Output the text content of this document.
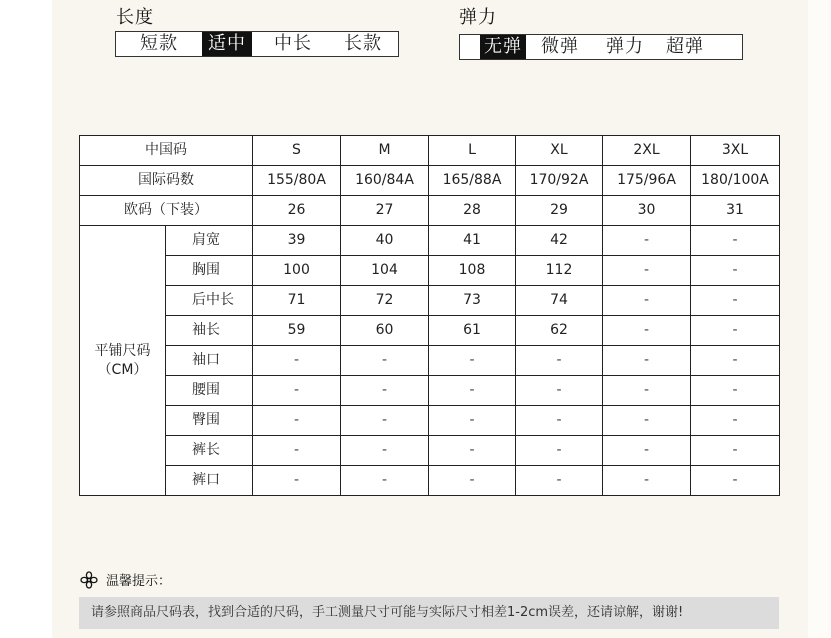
长度
短款	适中	中长	长款
弹力
无弹	微弹	弹力	超弹
中国码		S	M	L	XL	2XL	3XL
国际码数		155/80A	160/84A	165/88A	170/92A	175/96A	180/100A
欧码（下装）		26	27	28	29	30	31
平铺尺码
（CM）	肩宽	39	40	41	42	-	-
	胸围	100	104	108	112	-	-
	后中长	71	72	73	74	-	-
	袖长	59	60	61	62	-	-
	袖口	-	-	-	-	-	-
	腰围	-	-	-	-	-	-
	臀围	-	-	-	-	-	-
	裤长	-	-	-	-	-	-
	裤口	-	-	-	-	-	-
温馨提示：
请参照商品尺码表，找到合适的尺码，手工测量尺寸可能与实际尺寸相差1-2cm误差，还请谅解，谢谢!
